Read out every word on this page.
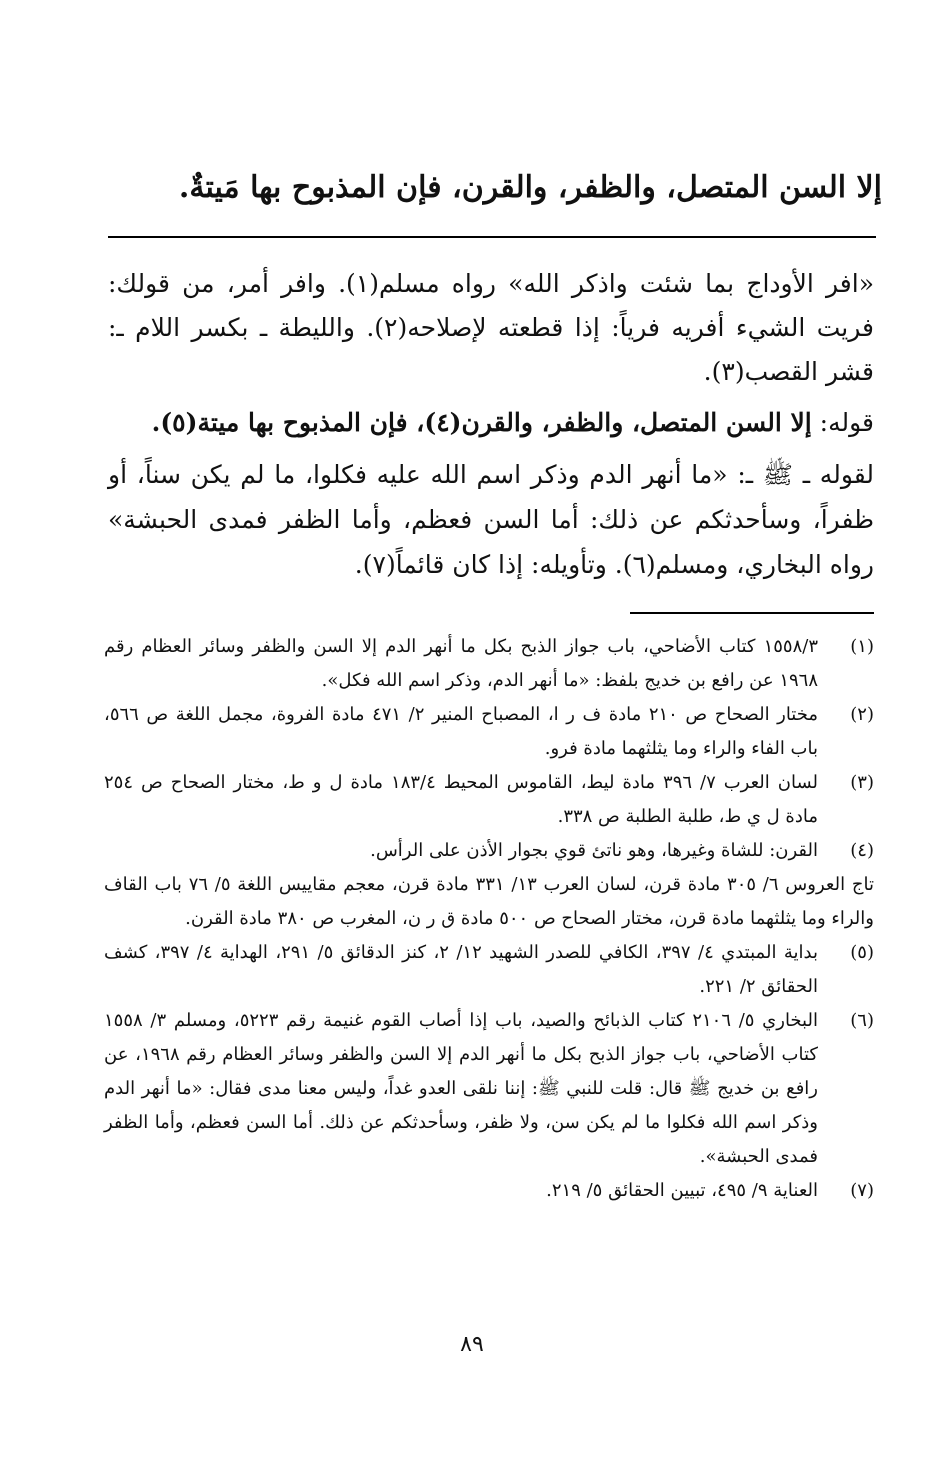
إلا السن المتصل، والظفر، والقرن، فإن المذبوح بها مَيتةٌ.
«افر الأوداج بما شئت واذكر الله» رواه مسلم(١). وافر أمر، من قولك: فريت الشيء أفريه فرياً: إذا قطعته لإصلاحه(٢). والليطة ـ بكسر اللام ـ: قشر القصب(٣).
قوله: إلا السن المتصل، والظفر، والقرن(٤)، فإن المذبوح بها ميتة(٥).
لقوله ـ ﷺ ـ: «ما أنهر الدم وذكر اسم الله عليه فكلوا، ما لم يكن سناً، أو ظفراً، وسأحدثكم عن ذلك: أما السن فعظم، وأما الظفر فمدى الحبشة» رواه البخاري، ومسلم(٦). وتأويله: إذا كان قائماً(٧).
(١)
١٥٥٨/٣ كتاب الأضاحي، باب جواز الذبح بكل ما أنهر الدم إلا السن والظفر وسائر العظام رقم ١٩٦٨ عن رافع بن خديج بلفظ: «ما أنهر الدم، وذكر اسم الله فكل».
(٢)
مختار الصحاح ص ٢١٠ مادة ف ر ا، المصباح المنير ٢/ ٤٧١ مادة الفروة، مجمل اللغة ص ٥٦٦، باب الفاء والراء وما يثلثهما مادة فرو.
(٣)
لسان العرب ٧/ ٣٩٦ مادة ليط، القاموس المحيط ١٨٣/٤ مادة ل و ط، مختار الصحاح ص ٢٥٤ مادة ل ي ط، طلبة الطلبة ص ٣٣٨.
(٤)
القرن: للشاة وغيرها، وهو ناتئ قوي بجوار الأذن على الرأس.
تاج العروس ٦/ ٣٠٥ مادة قرن، لسان العرب ١٣/ ٣٣١ مادة قرن، معجم مقاييس اللغة ٥/ ٧٦ باب القاف والراء وما يثلثهما مادة قرن، مختار الصحاح ص ٥٠٠ مادة ق ر ن، المغرب ص ٣٨٠ مادة القرن.
(٥)
بداية المبتدي ٤/ ٣٩٧، الكافي للصدر الشهيد ١٢/ ٢، كنز الدقائق ٥/ ٢٩١، الهداية ٤/ ٣٩٧، كشف الحقائق ٢/ ٢٢١.
(٦)
البخاري ٥/ ٢١٠٦ كتاب الذبائح والصيد، باب إذا أصاب القوم غنيمة رقم ٥٢٢٣، ومسلم ٣/ ١٥٥٨ كتاب الأضاحي، باب جواز الذبح بكل ما أنهر الدم إلا السن والظفر وسائر العظام رقم ١٩٦٨، عن رافع بن خديج ﷺ قال: قلت للنبي ﷺ: إننا نلقى العدو غداً، وليس معنا مدى فقال: «ما أنهر الدم وذكر اسم الله فكلوا ما لم يكن سن، ولا ظفر، وسأحدثكم عن ذلك. أما السن فعظم، وأما الظفر فمدى الحبشة».
(٧)
العناية ٩/ ٤٩٥، تبيين الحقائق ٥/ ٢١٩.
٨٩
